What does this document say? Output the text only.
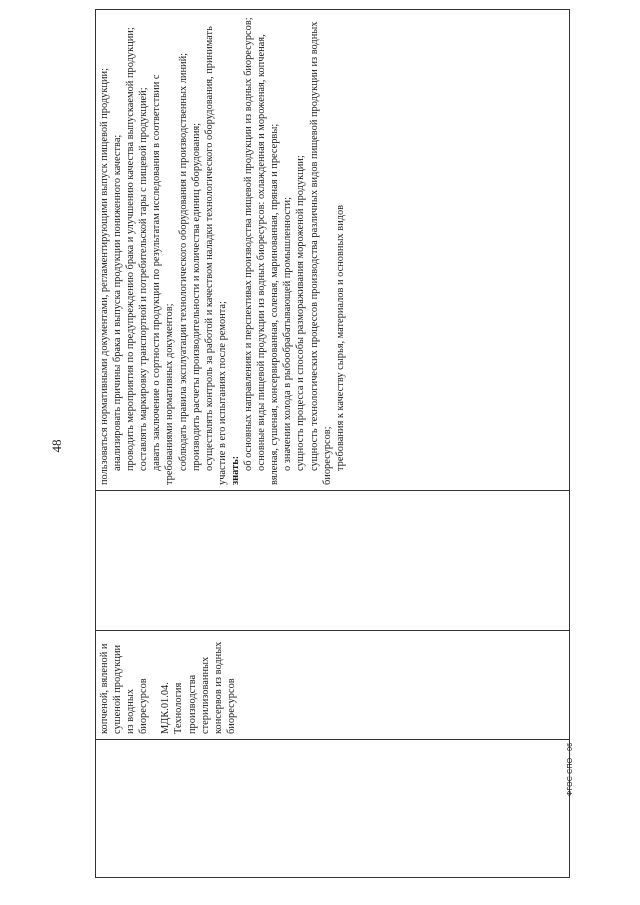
48

копченой, вяленой и сушеной продукции из водных биоресурсов МДК.01.04. Технология производства стерилизованных консервов из водных биоресурсов

пользоваться нормативными документами, регламентирующими выпуск пищевой продукции; анализировать причины брака и выпуска продукции пониженного качества; проводить мероприятия по предупреждению брака и улучшению качества выпускаемой продукции; составлять маркировку транспортной и потребительской тары с пищевой продукцией; давать заключение о сортности продукции по результатам исследования в соответствии с требованиями нормативных документов; соблюдать правила эксплуатации технологического оборудования и производственных линий; производить расчеты производительности и количества единиц оборудования; осуществлять контроль за работой и качеством наладки технологического оборудования, принимать участие в его испытаниях после ремонта; знать: об основных направлениях и перспективах производства пищевой продукции из водных биоресурсов; основные виды пищевой продукции из водных биоресурсов: охлажденная и мороженая, копченая, вяленая, сушеная, консервированная, соленая, маринованная, пряная и пресервы; о значении холода в рыбообрабатывающей промышленности; сущность процесса и способы размораживания мороженой продукции; сущность технологических процессов производства различных видов пищевой продукции из водных биоресурсов; требования к качеству сырья, материалов и основных видов

ФГОС СПО - 06
